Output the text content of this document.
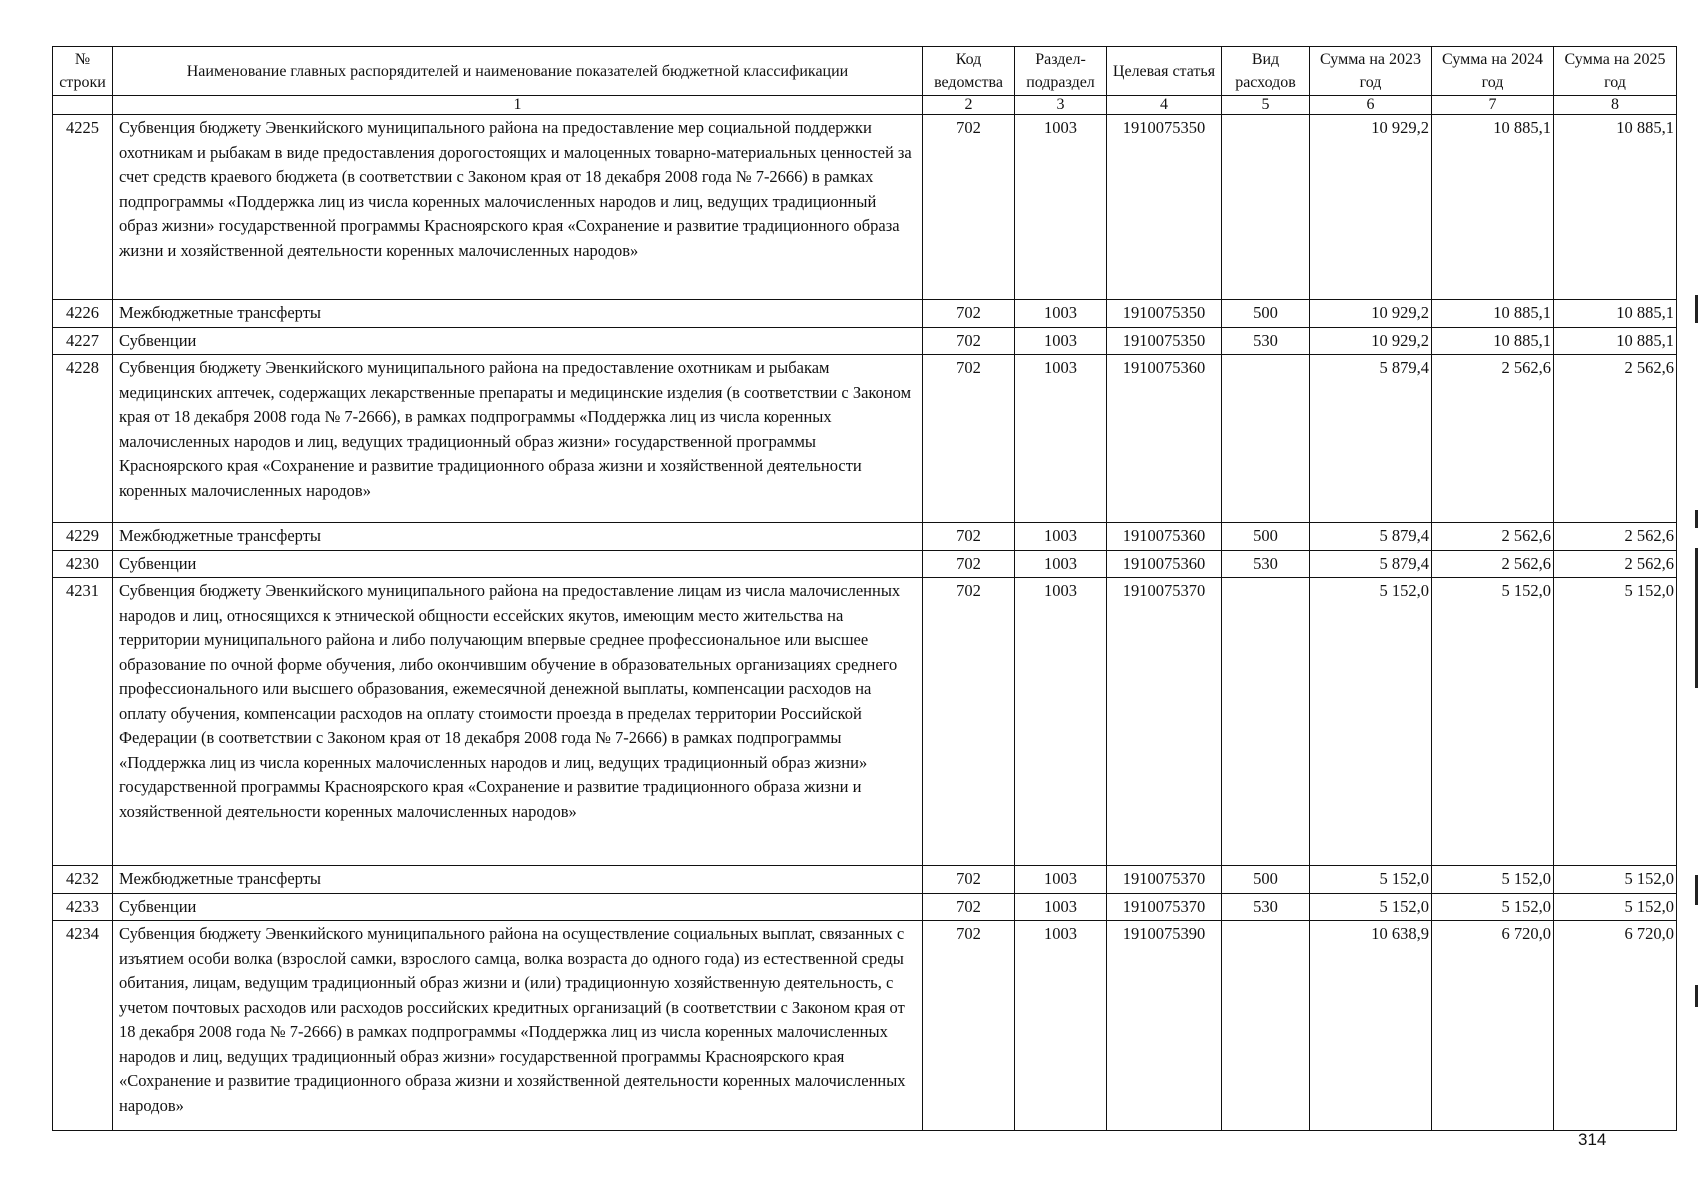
№ строки	Наименование главных распорядителей и наименование показателей бюджетной классификации	Код ведомства	Раздел-подраздел	Целевая статья	Вид расходов	Сумма на 2023 год	Сумма на 2024 год	Сумма на 2025 год
	1	2	3	4	5	6	7	8
4225	Субвенция бюджету Эвенкийского муниципального района на предоставление мер социальной поддержки охотникам и рыбакам в виде предоставления дорогостоящих и малоценных товарно-материальных ценностей за счет средств краевого бюджета (в соответствии с Законом края от 18 декабря 2008 года № 7-2666) в рамках подпрограммы «Поддержка лиц из числа коренных малочисленных народов и лиц, ведущих традиционный образ жизни» государственной программы Красноярского края «Сохранение и развитие традиционного образа жизни и хозяйственной деятельности коренных малочисленных народов»	702	1003	1910075350		10 929,2	10 885,1	10 885,1
4226	Межбюджетные трансферты	702	1003	1910075350	500	10 929,2	10 885,1	10 885,1
4227	Субвенции	702	1003	1910075350	530	10 929,2	10 885,1	10 885,1
4228	Субвенция бюджету Эвенкийского муниципального района на предоставление охотникам и рыбакам медицинских аптечек, содержащих лекарственные препараты и медицинские изделия (в соответствии с Законом края от 18 декабря 2008 года № 7-2666), в рамках подпрограммы «Поддержка лиц из числа коренных малочисленных народов и лиц, ведущих традиционный образ жизни» государственной программы Красноярского края «Сохранение и развитие традиционного образа жизни и хозяйственной деятельности коренных малочисленных народов»	702	1003	1910075360		5 879,4	2 562,6	2 562,6
4229	Межбюджетные трансферты	702	1003	1910075360	500	5 879,4	2 562,6	2 562,6
4230	Субвенции	702	1003	1910075360	530	5 879,4	2 562,6	2 562,6
4231	Субвенция бюджету Эвенкийского муниципального района на предоставление лицам из числа малочисленных народов и лиц, относящихся к этнической общности ессейских якутов, имеющим место жительства на территории муниципального района и либо получающим впервые среднее профессиональное или высшее образование по очной форме обучения, либо окончившим обучение в образовательных организациях среднего профессионального или высшего образования, ежемесячной денежной выплаты, компенсации расходов на оплату обучения, компенсации расходов на оплату стоимости проезда в пределах территории Российской Федерации (в соответствии с Законом края от 18 декабря 2008 года № 7-2666) в рамках подпрограммы «Поддержка лиц из числа коренных малочисленных народов и лиц, ведущих традиционный образ жизни» государственной программы Красноярского края «Сохранение и развитие традиционного образа жизни и хозяйственной деятельности коренных малочисленных народов»	702	1003	1910075370		5 152,0	5 152,0	5 152,0
4232	Межбюджетные трансферты	702	1003	1910075370	500	5 152,0	5 152,0	5 152,0
4233	Субвенции	702	1003	1910075370	530	5 152,0	5 152,0	5 152,0
4234	Субвенция бюджету Эвенкийского муниципального района на осуществление социальных выплат, связанных с изъятием особи волка (взрослой самки, взрослого самца, волка возраста до одного года) из естественной среды обитания, лицам, ведущим традиционный образ жизни и (или) традиционную хозяйственную деятельность, с учетом почтовых расходов или расходов российских кредитных организаций (в соответствии с Законом края от 18 декабря 2008 года № 7-2666) в рамках подпрограммы «Поддержка лиц из числа коренных малочисленных народов и лиц, ведущих традиционный образ жизни» государственной программы Красноярского края «Сохранение и развитие традиционного образа жизни и хозяйственной деятельности коренных малочисленных народов»	702	1003	1910075390		10 638,9	6 720,0	6 720,0
314
